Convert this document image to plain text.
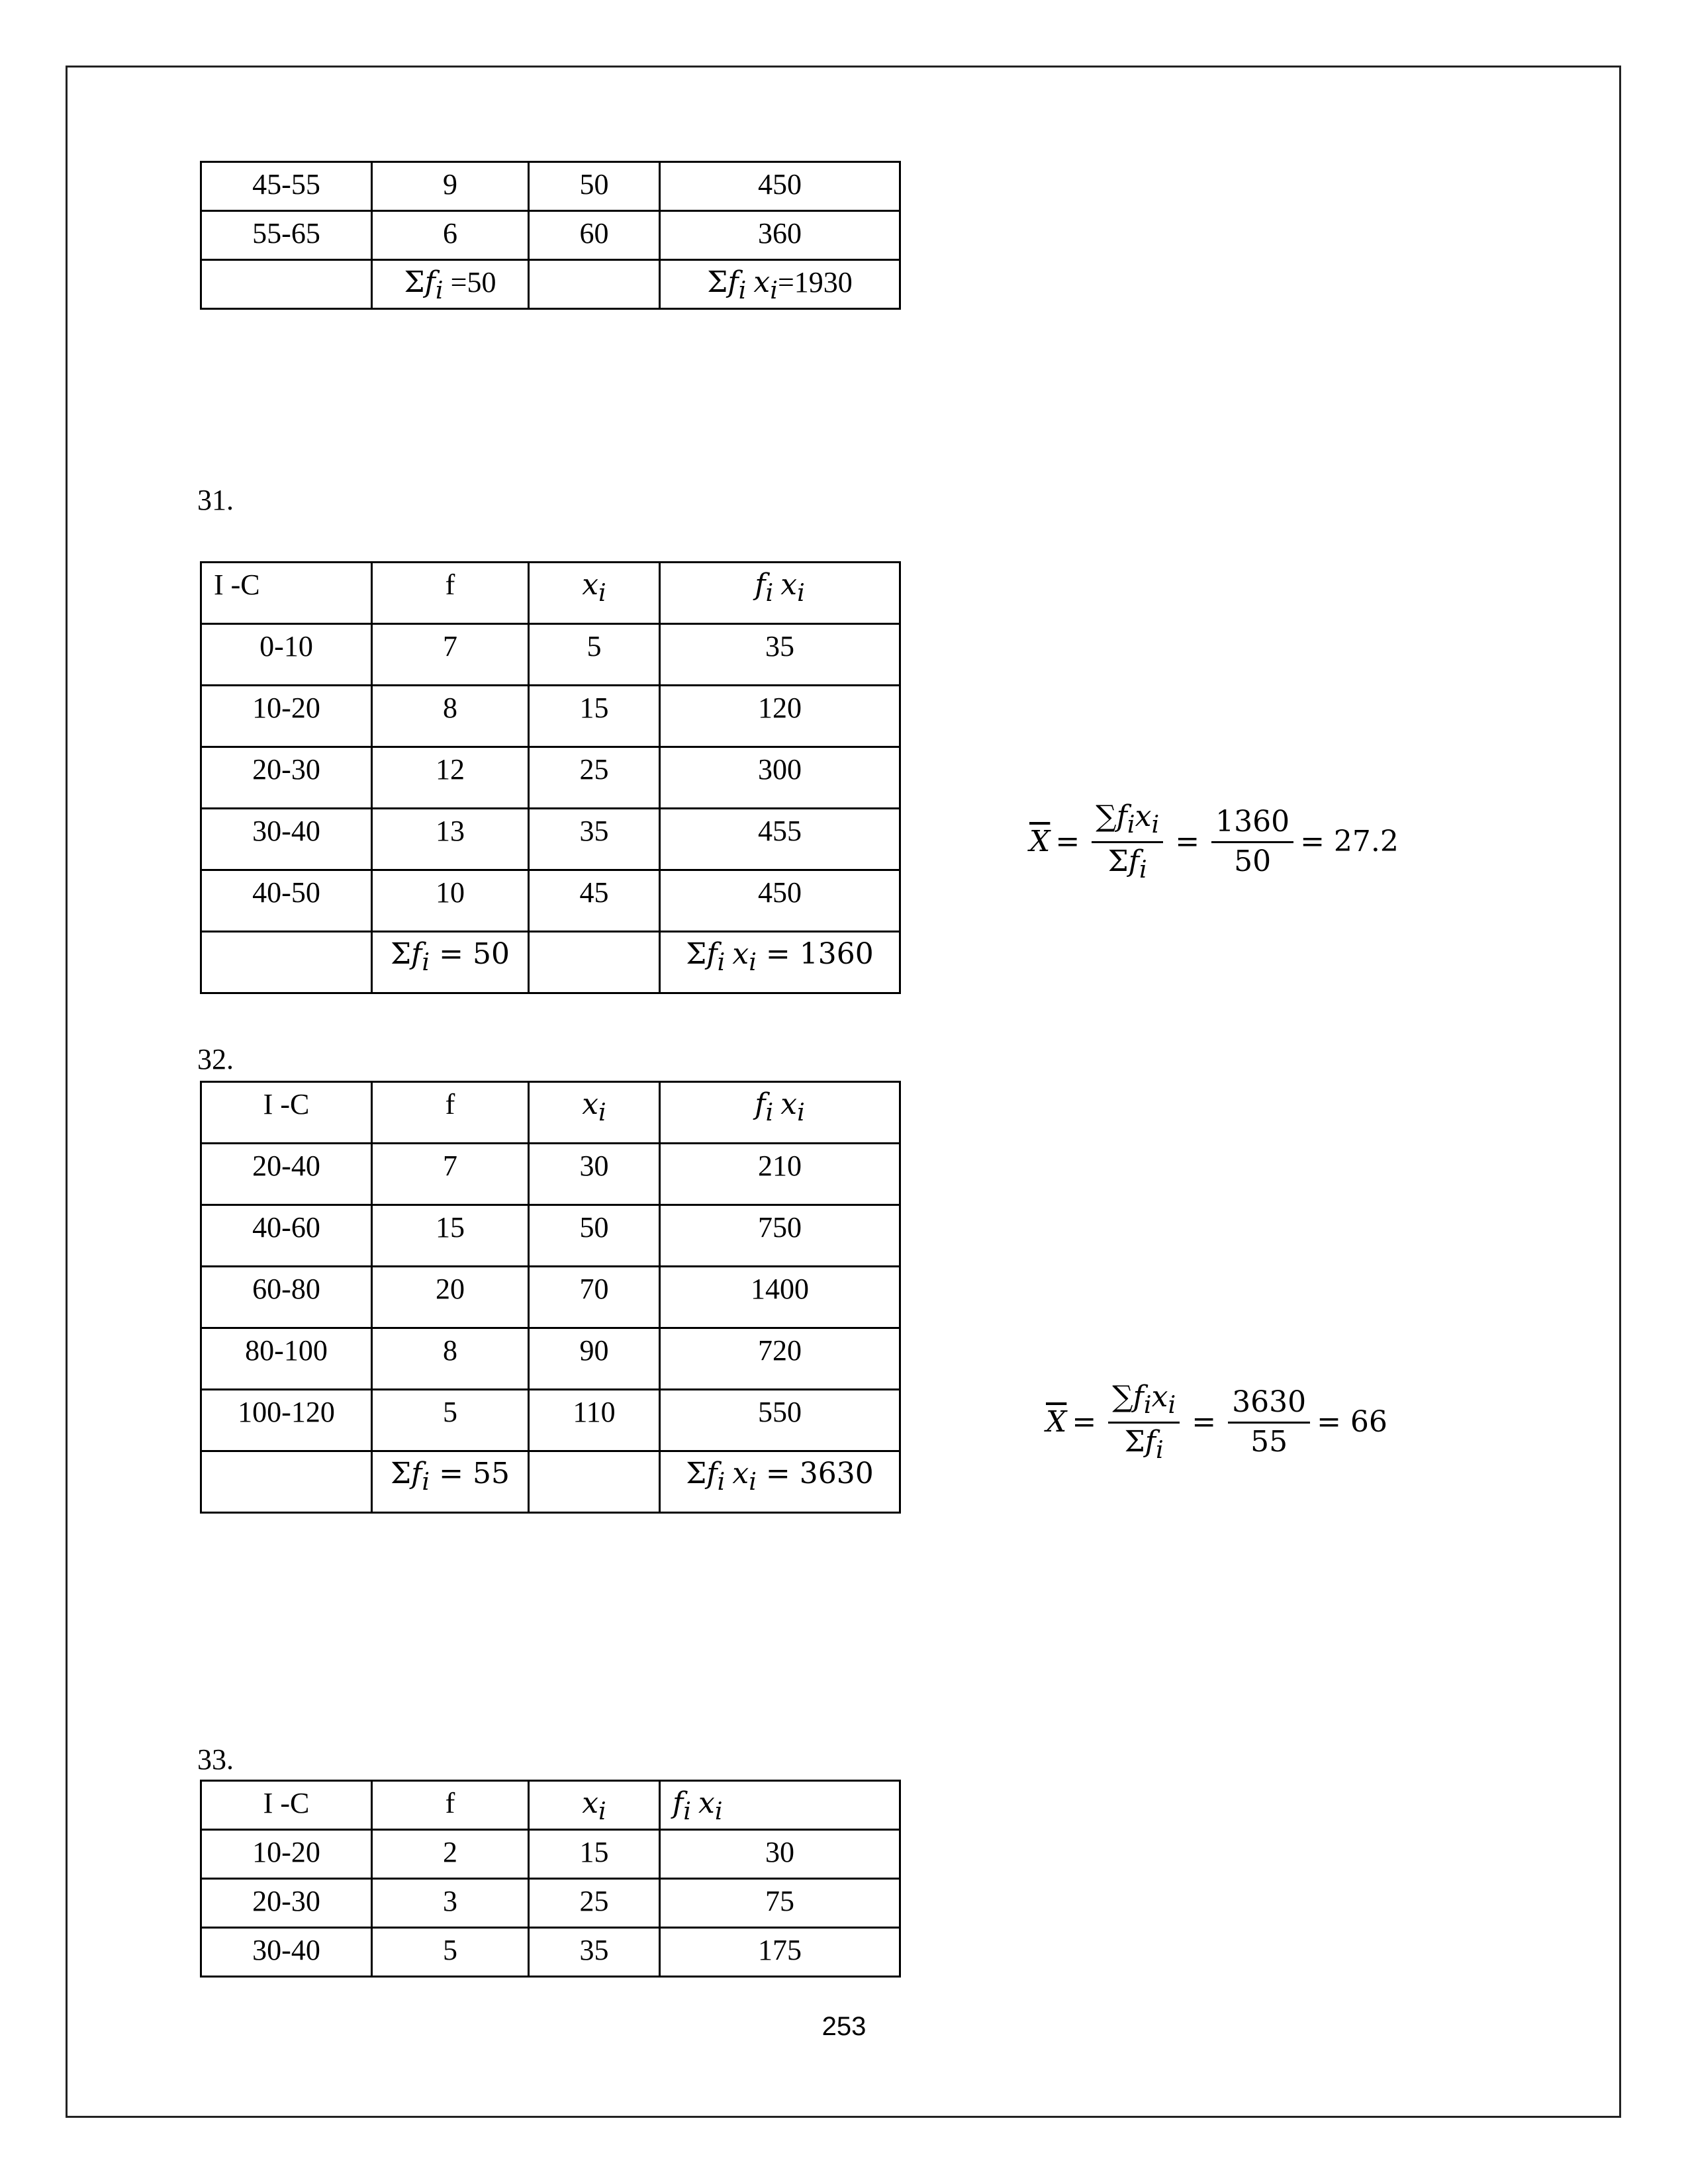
45-55	9	50	450
55-65	6	60	360
	$\Sigma f_i =50$		$\Sigma f_i$ $x_i=1930$
31.
I -C	f	$x_i$	$f_i$ $x_i$
0-10	7	5	35
10-20	8	15	120
20-30	12	25	300
30-40	13	35	455
40-50	10	45	450
	$\Sigma f_i = 50$		$\Sigma f_i$ $x_i = 1360$
$\overline{X} = \frac{\sum f_ix_i}{\Sigma f_i} = \frac{1360}{50} = 27.2$
32.
I -C	f	$x_i$	$f_i$ $x_i$
20-40	7	30	210
40-60	15	50	750
60-80	20	70	1400
80-100	8	90	720
100-120	5	110	550
	$\Sigma f_i = 55$		$\Sigma f_i$ $x_i = 3630$
$\overline{X} = \frac{\sum f_ix_i}{\Sigma f_i} = \frac{3630}{55} = 66$
33.
I -C	f	$x_i$	$f_i$ $x_i$
10-20	2	15	30
20-30	3	25	75
30-40	5	35	175
253
